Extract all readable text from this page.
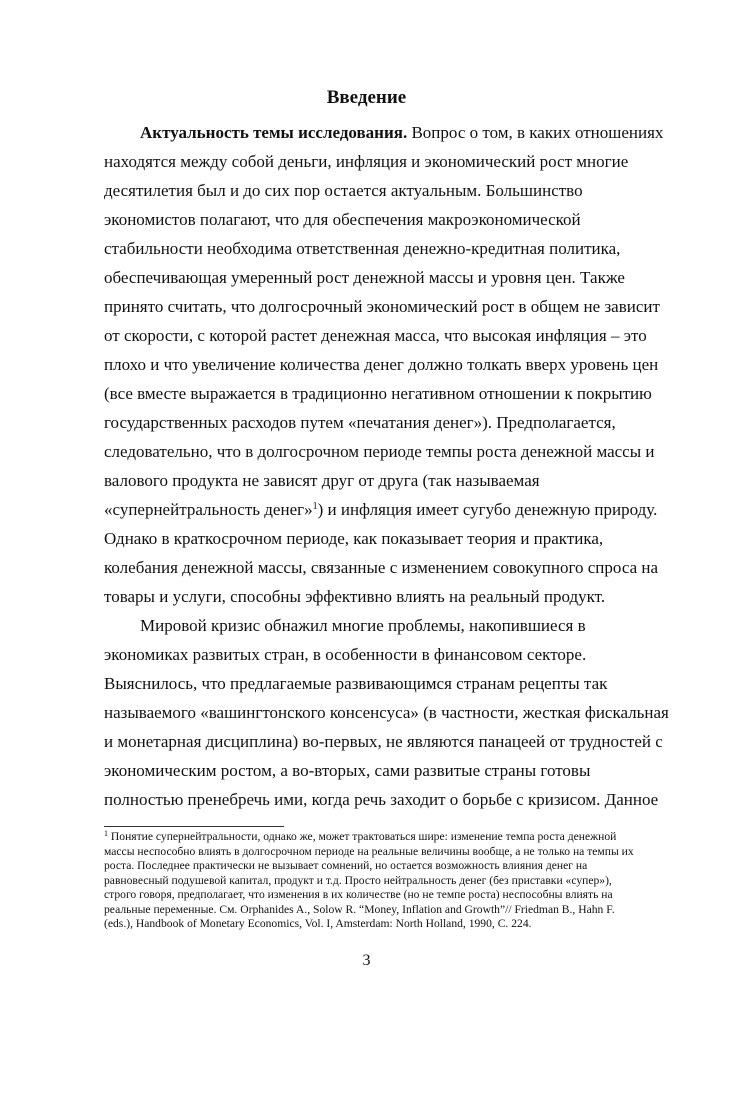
Введение

Актуальность темы исследования. Вопрос о том, в каких отношениях

находятся между собой деньги, инфляция и экономический рост многие

десятилетия был и до сих пор остается актуальным. Большинство

экономистов полагают, что для обеспечения макроэкономической

стабильности необходима ответственная денежно-кредитная политика,

обеспечивающая умеренный рост денежной массы и уровня цен. Также

принято считать, что долгосрочный экономический рост в общем не зависит

от скорости, с которой растет денежная масса, что высокая инфляция – это

плохо и что увеличение количества денег должно толкать вверх уровень цен

(все вместе выражается в традиционно негативном отношении к покрытию

государственных расходов путем «печатания денег»). Предполагается,

следовательно, что в долгосрочном периоде темпы роста денежной массы и

валового продукта не зависят друг от друга (так называемая

«супернейтральность денег»$^1$) и инфляция имеет сугубо денежную природу.

Однако в краткосрочном периоде, как показывает теория и практика,

колебания денежной массы, связанные с изменением совокупного спроса на

товары и услуги, способны эффективно влиять на реальный продукт.

Мировой кризис обнажил многие проблемы, накопившиеся в

экономиках развитых стран, в особенности в финансовом секторе.

Выяснилось, что предлагаемые развивающимся странам рецепты так

называемого «вашингтонского консенсуса» (в частности, жесткая фискальная

и монетарная дисциплина) во-первых, не являются панацеей от трудностей с

экономическим ростом, а во-вторых, сами развитые страны готовы

полностью пренебречь ими, когда речь заходит о борьбе с кризисом. Данное

$^1$ Понятие супернейтральности, однако же, может трактоваться шире: изменение темпа роста денежной

массы неспособно влиять в долгосрочном периоде на реальные величины вообще, а не только на темпы их

роста. Последнее практически не вызывает сомнений, но остается возможность влияния денег на

равновесный подушевой капитал, продукт и т.д. Просто нейтральность денег (без приставки «супер»),

строго говоря, предполагает, что изменения в их количестве (но не темпе роста) неспособны влиять на

реальные переменные. См. Orphanides A., Solow R. “Money, Inflation and Growth”// Friedman B., Hahn F.

(eds.), Handbook of Monetary Economics, Vol. I, Amsterdam: North Holland, 1990, C. 224.

3
